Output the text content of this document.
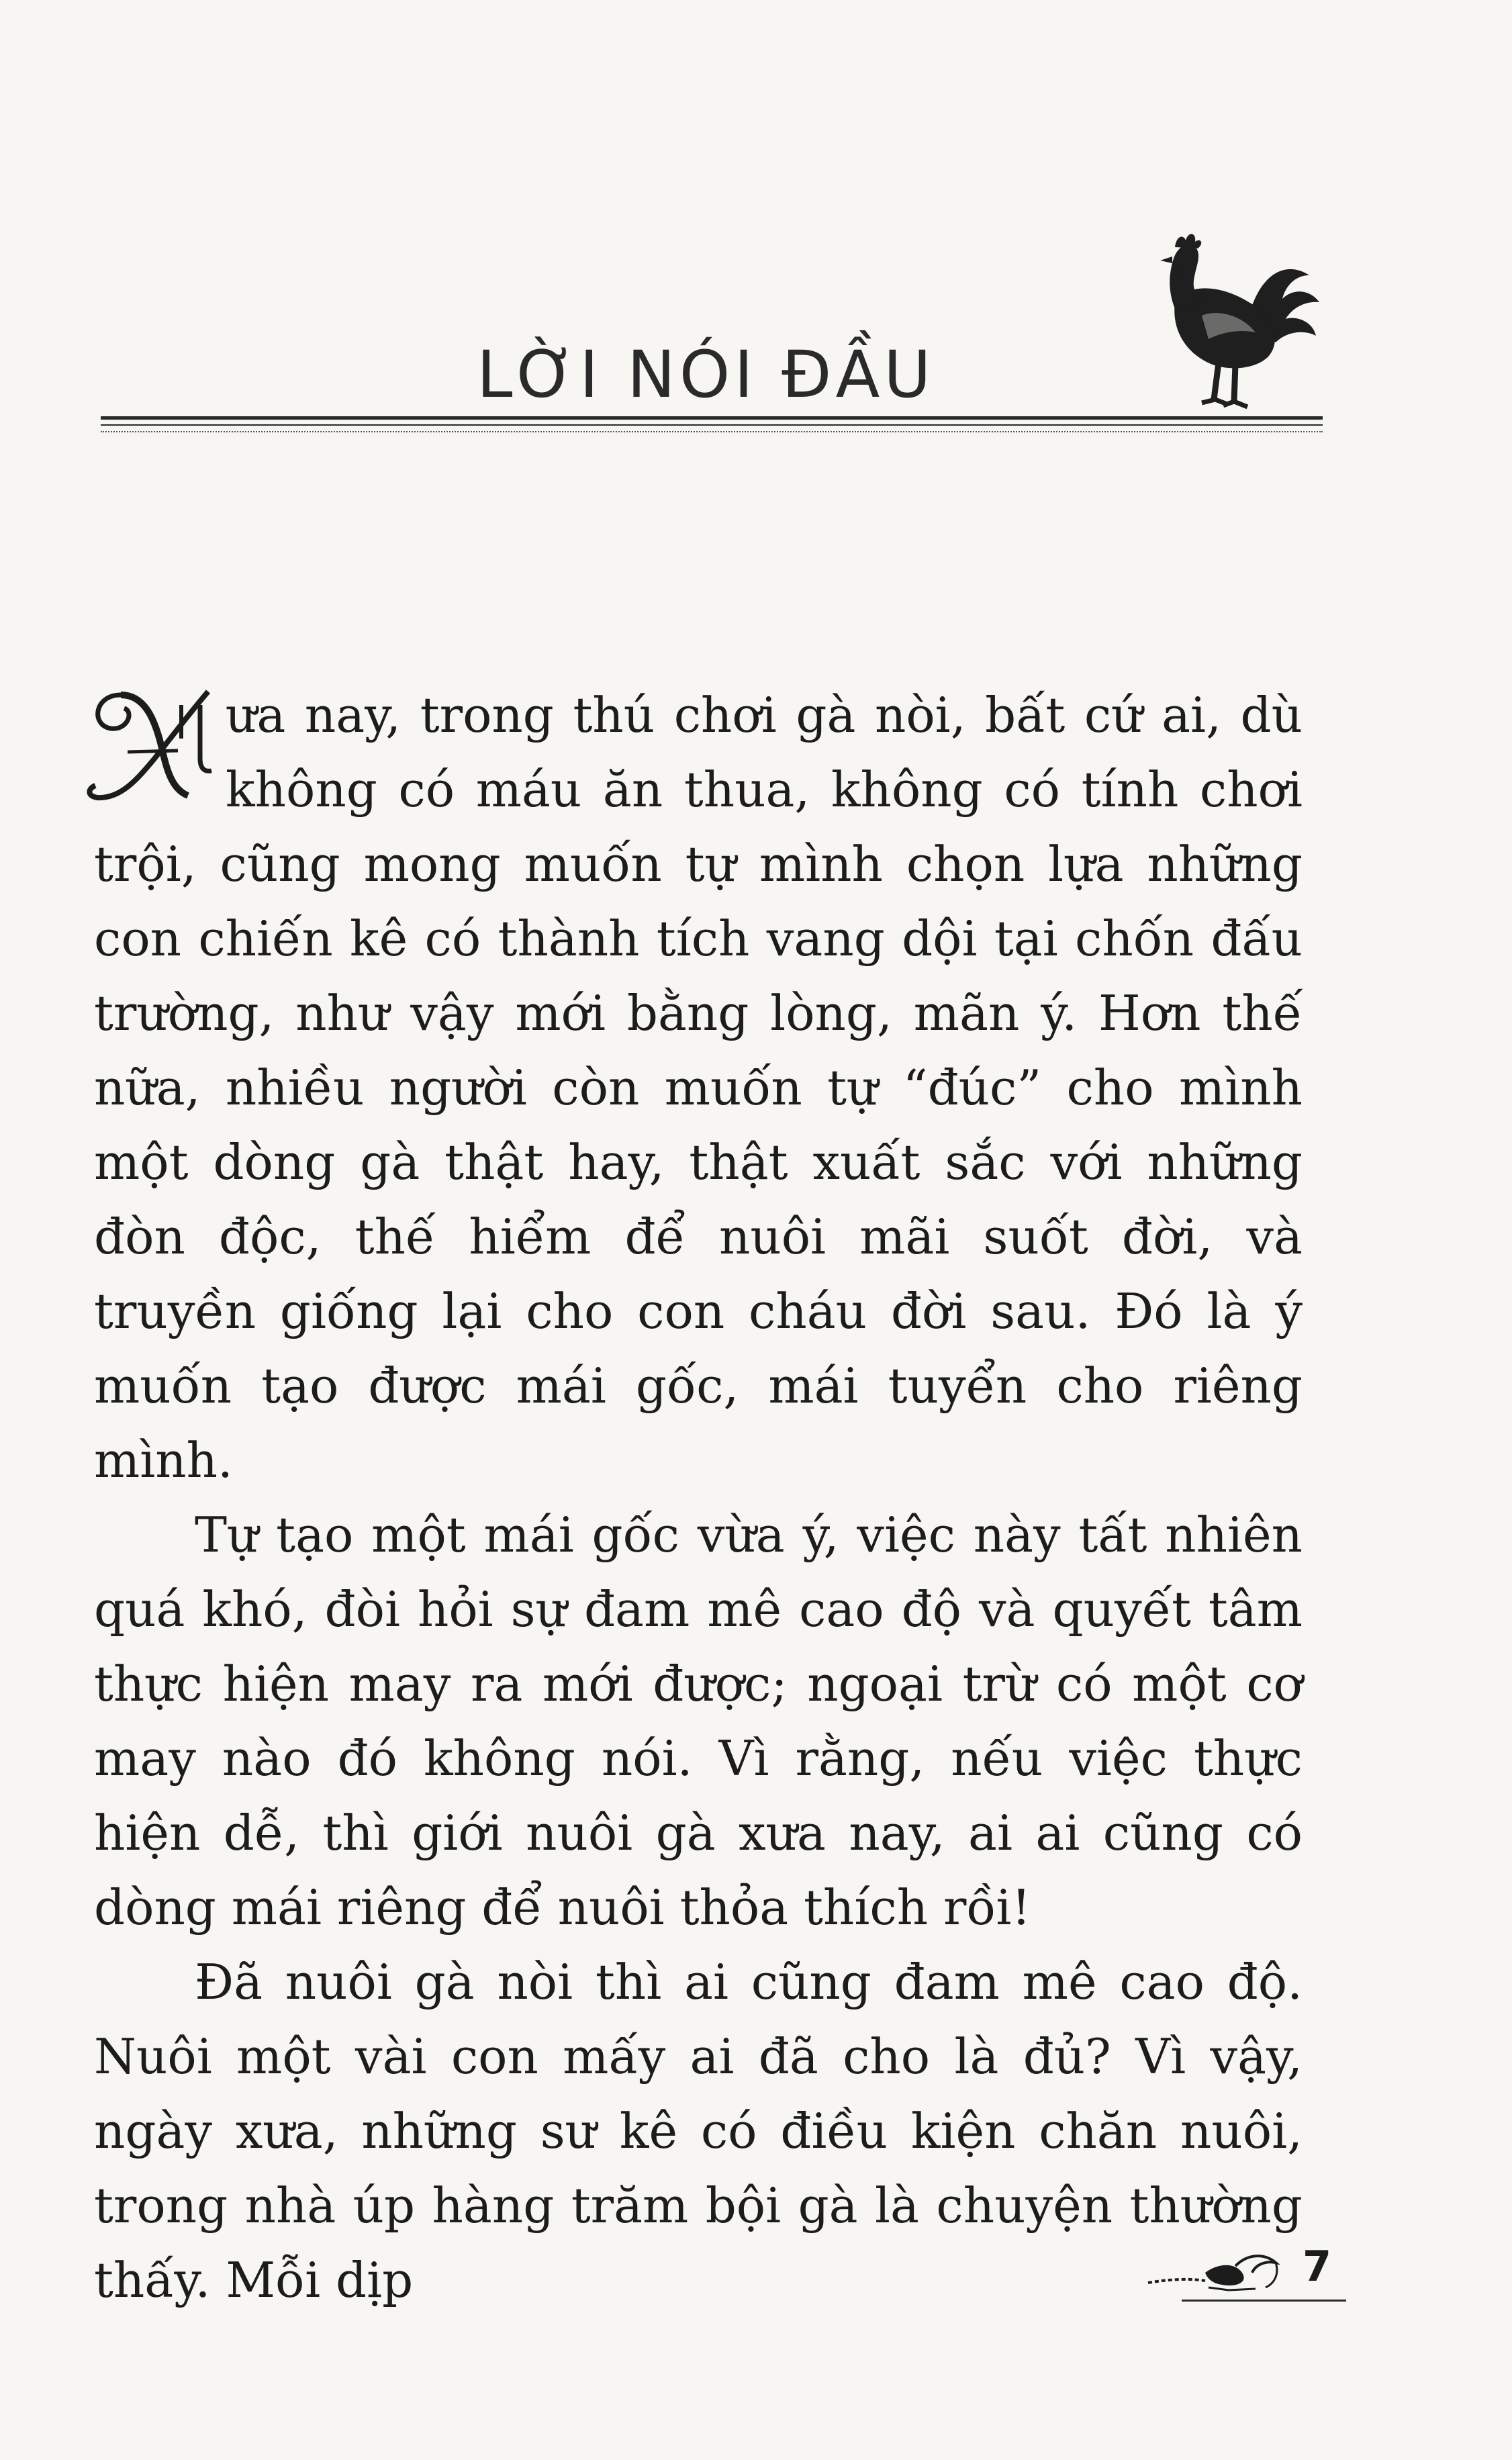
LỜI NÓI ĐẦU

ưa nay, trong thú chơi gà nòi, bất cứ ai, dù không có máu ăn thua, không có tính chơi trội, cũng mong muốn tự mình chọn lựa những con chiến kê có thành tích vang dội tại chốn đấu trường, như vậy mới bằng lòng, mãn ý. Hơn thế nữa, nhiều người còn muốn tự “đúc” cho mình một dòng gà thật hay, thật xuất sắc với những đòn độc, thế hiểm để nuôi mãi suốt đời, và truyền giống lại cho con cháu đời sau. Đó là ý muốn tạo được mái gốc, mái tuyển cho riêng mình.

Tự tạo một mái gốc vừa ý, việc này tất nhiên quá khó, đòi hỏi sự đam mê cao độ và quyết tâm thực hiện may ra mới được; ngoại trừ có một cơ may nào đó không nói. Vì rằng, nếu việc thực hiện dễ, thì giới nuôi gà xưa nay, ai ai cũng có dòng mái riêng để nuôi thỏa thích rồi!

Đã nuôi gà nòi thì ai cũng đam mê cao độ. Nuôi một vài con mấy ai đã cho là đủ? Vì vậy, ngày xưa, những sư kê có điều kiện chăn nuôi, trong nhà úp hàng trăm bội gà là chuyện thường thấy. Mỗi dịp	7
